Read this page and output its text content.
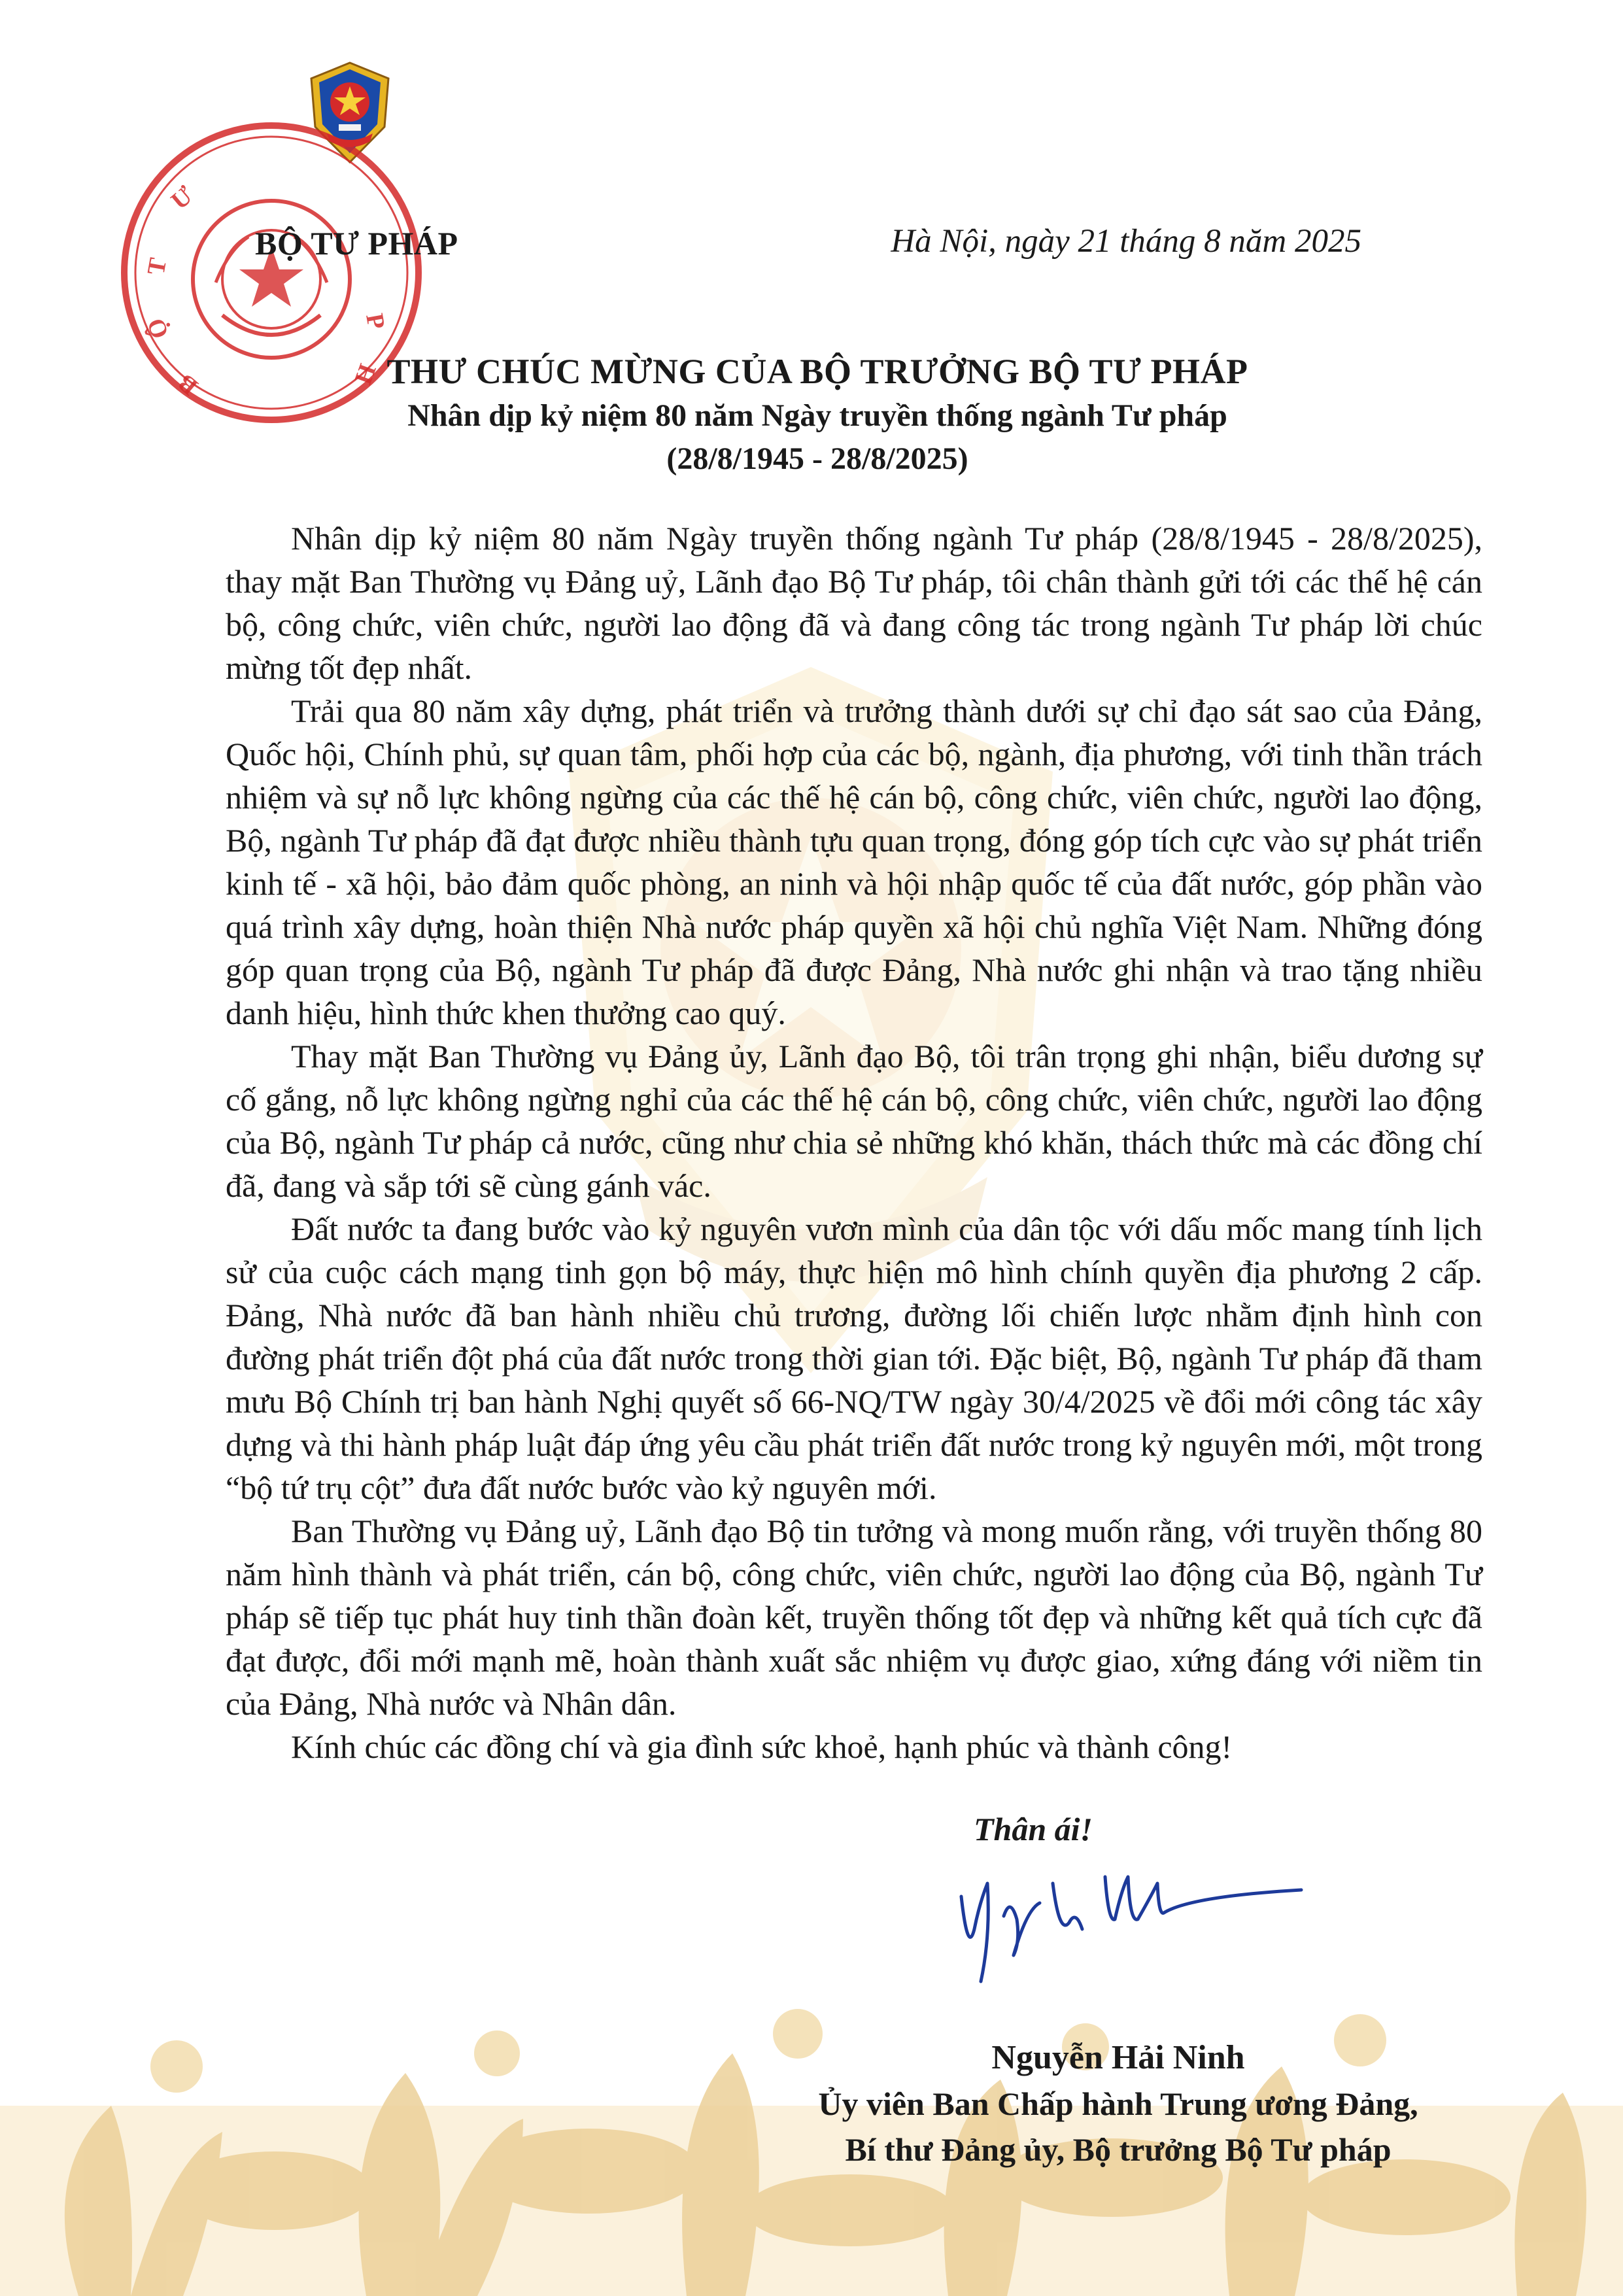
Ư
T
Ộ
B
P
H
BỘ TƯ PHÁP	Hà Nội, ngày 21 tháng 8 năm 2025
THƯ CHÚC MỪNG CỦA BỘ TRƯỞNG BỘ TƯ PHÁP
Nhân dịp kỷ niệm 80 năm Ngày truyền thống ngành Tư pháp
(28/8/1945 - 28/8/2025)

Nhân dịp kỷ niệm 80 năm Ngày truyền thống ngành Tư pháp (28/8/1945 - 28/8/2025), thay mặt Ban Thường vụ Đảng uỷ, Lãnh đạo Bộ Tư pháp, tôi chân thành gửi tới các thế hệ cán bộ, công chức, viên chức, người lao động đã và đang công tác trong ngành Tư pháp lời chúc mừng tốt đẹp nhất.

Trải qua 80 năm xây dựng, phát triển và trưởng thành dưới sự chỉ đạo sát sao của Đảng, Quốc hội, Chính phủ, sự quan tâm, phối hợp của các bộ, ngành, địa phương, với tinh thần trách nhiệm và sự nỗ lực không ngừng của các thế hệ cán bộ, công chức, viên chức, người lao động, Bộ, ngành Tư pháp đã đạt được nhiều thành tựu quan trọng, đóng góp tích cực vào sự phát triển kinh tế - xã hội, bảo đảm quốc phòng, an ninh và hội nhập quốc tế của đất nước, góp phần vào quá trình xây dựng, hoàn thiện Nhà nước pháp quyền xã hội chủ nghĩa Việt Nam. Những đóng góp quan trọng của Bộ, ngành Tư pháp đã được Đảng, Nhà nước ghi nhận và trao tặng nhiều danh hiệu, hình thức khen thưởng cao quý.

Thay mặt Ban Thường vụ Đảng ủy, Lãnh đạo Bộ, tôi trân trọng ghi nhận, biểu dương sự cố gắng, nỗ lực không ngừng nghỉ của các thế hệ cán bộ, công chức, viên chức, người lao động của Bộ, ngành Tư pháp cả nước, cũng như chia sẻ những khó khăn, thách thức mà các đồng chí đã, đang và sắp tới sẽ cùng gánh vác.

Đất nước ta đang bước vào kỷ nguyên vươn mình của dân tộc với dấu mốc mang tính lịch sử của cuộc cách mạng tinh gọn bộ máy, thực hiện mô hình chính quyền địa phương 2 cấp. Đảng, Nhà nước đã ban hành nhiều chủ trương, đường lối chiến lược nhằm định hình con đường phát triển đột phá của đất nước trong thời gian tới. Đặc biệt, Bộ, ngành Tư pháp đã tham mưu Bộ Chính trị ban hành Nghị quyết số 66-NQ/TW ngày 30/4/2025 về đổi mới công tác xây dựng và thi hành pháp luật đáp ứng yêu cầu phát triển đất nước trong kỷ nguyên mới, một trong “bộ tứ trụ cột” đưa đất nước bước vào kỷ nguyên mới.

Ban Thường vụ Đảng uỷ, Lãnh đạo Bộ tin tưởng và mong muốn rằng, với truyền thống 80 năm hình thành và phát triển, cán bộ, công chức, viên chức, người lao động của Bộ, ngành Tư pháp sẽ tiếp tục phát huy tinh thần đoàn kết, truyền thống tốt đẹp và những kết quả tích cực đã đạt được, đổi mới mạnh mẽ, hoàn thành xuất sắc nhiệm vụ được giao, xứng đáng với niềm tin của Đảng, Nhà nước và Nhân dân.

Kính chúc các đồng chí và gia đình sức khoẻ, hạnh phúc và thành công!

Thân ái!
Nguyễn Hải Ninh
Ủy viên Ban Chấp hành Trung ương Đảng,
Bí thư Đảng ủy, Bộ trưởng Bộ Tư pháp
